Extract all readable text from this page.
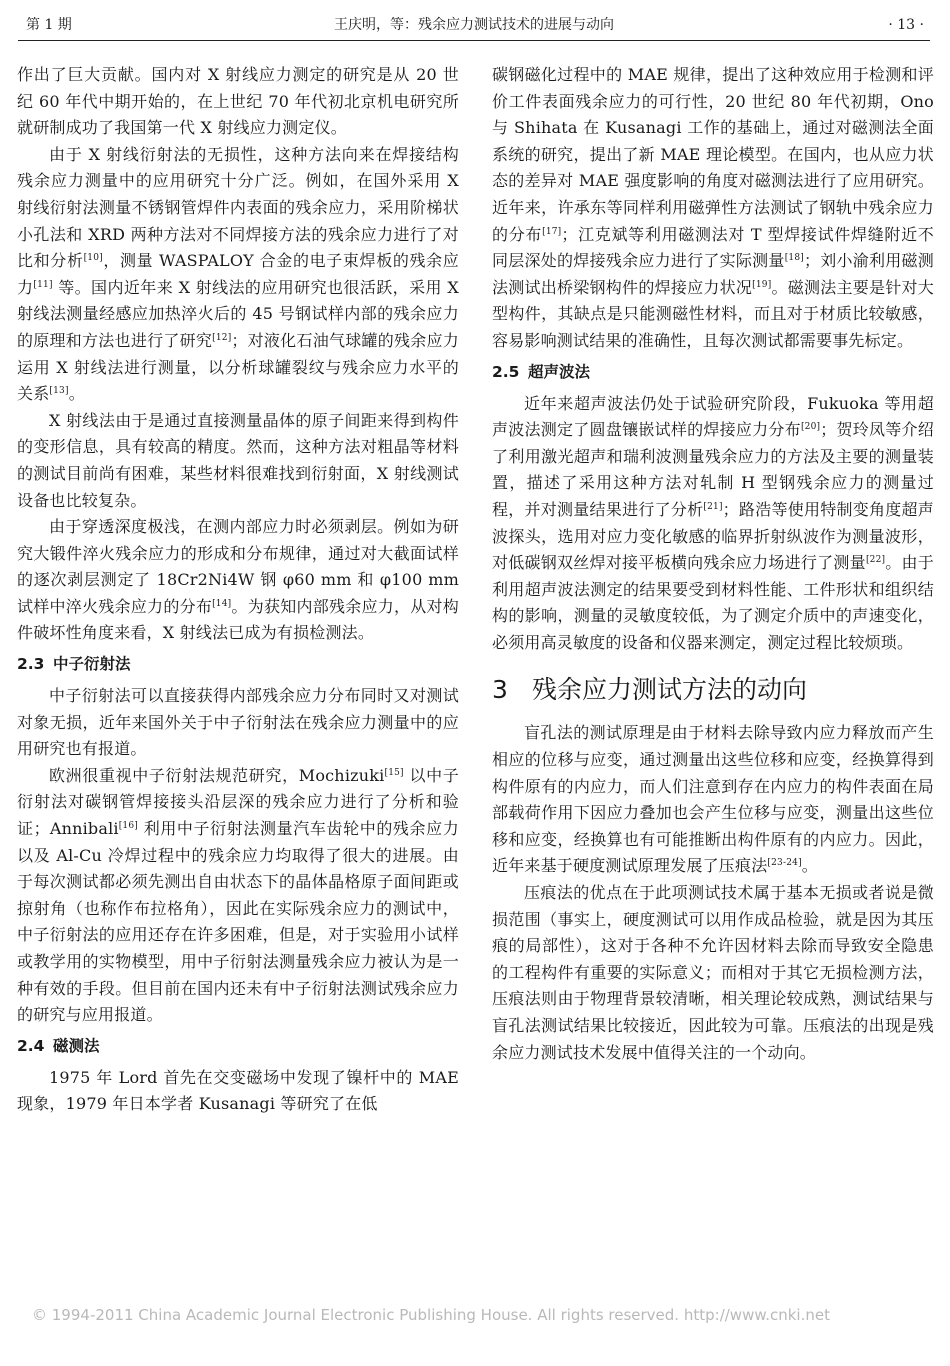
第 1 期	王庆明，等：残余应力测试技术的进展与动向	· 13 ·

作出了巨大贡献。国内对 X 射线应力测定的研究是从 20 世纪 60 年代中期开始的，在上世纪 70 年代初北京机电研究所就研制成功了我国第一代 X 射线应力测定仪。

由于 X 射线衍射法的无损性，这种方法向来在焊接结构残余应力测量中的应用研究十分广泛。例如，在国外采用 X 射线衍射法测量不锈钢管焊件内表面的残余应力，采用阶梯状小孔法和 XRD 两种方法对不同焊接方法的残余应力进行了对比和分析[10]，测量 WASPALOY 合金的电子束焊板的残余应力[11] 等。国内近年来 X 射线法的应用研究也很活跃，采用 X 射线法测量经感应加热淬火后的 45 号钢试样内部的残余应力的原理和方法也进行了研究[12]；对液化石油气球罐的残余应力运用 X 射线法进行测量，以分析球罐裂纹与残余应力水平的关系[13]。

X 射线法由于是通过直接测量晶体的原子间距来得到构件的变形信息，具有较高的精度。然而，这种方法对粗晶等材料的测试目前尚有困难，某些材料很难找到衍射面，X 射线测试设备也比较复杂。

由于穿透深度极浅，在测内部应力时必须剥层。例如为研究大锻件淬火残余应力的形成和分布规律，通过对大截面试样的逐次剥层测定了 18Cr2Ni4W 钢 φ60 mm 和 φ100 mm 试样中淬火残余应力的分布[14]。为获知内部残余应力，从对构件破坏性角度来看，X 射线法已成为有损检测法。

2.3 中子衍射法

中子衍射法可以直接获得内部残余应力分布同时又对测试对象无损，近年来国外关于中子衍射法在残余应力测量中的应用研究也有报道。

欧洲很重视中子衍射法规范研究，Mochizuki[15] 以中子衍射法对碳钢管焊接接头沿层深的残余应力进行了分析和验证；Annibali[16] 利用中子衍射法测量汽车齿轮中的残余应力以及 Al-Cu 冷焊过程中的残余应力均取得了很大的进展。由于每次测试都必须先测出自由状态下的晶体晶格原子面间距或掠射角（也称作布拉格角），因此在实际残余应力的测试中，中子衍射法的应用还存在许多困难，但是，对于实验用小试样或教学用的实物模型，用中子衍射法测量残余应力被认为是一种有效的手段。但目前在国内还未有中子衍射法测试残余应力的研究与应用报道。

2.4 磁测法

1975 年 Lord 首先在交变磁场中发现了镍杆中的 MAE 现象，1979 年日本学者 Kusanagi 等研究了在低

碳钢磁化过程中的 MAE 规律，提出了这种效应用于检测和评价工件表面残余应力的可行性，20 世纪 80 年代初期，Ono 与 Shihata 在 Kusanagi 工作的基础上，通过对磁测法全面系统的研究，提出了新 MAE 理论模型。在国内，也从应力状态的差异对 MAE 强度影响的角度对磁测法进行了应用研究。近年来，许承东等同样利用磁弹性方法测试了钢轨中残余应力的分布[17]；江克斌等利用磁测法对 T 型焊接试件焊缝附近不同层深处的焊接残余应力进行了实际测量[18]；刘小渝利用磁测法测试出桥梁钢构件的焊接应力状况[19]。磁测法主要是针对大型构件，其缺点是只能测磁性材料，而且对于材质比较敏感，容易影响测试结果的准确性，且每次测试都需要事先标定。

2.5 超声波法

近年来超声波法仍处于试验研究阶段，Fukuoka 等用超声波法测定了圆盘镶嵌试样的焊接应力分布[20]；贺玲凤等介绍了利用激光超声和瑞利波测量残余应力的方法及主要的测量装置，描述了采用这种方法对轧制 H 型钢残余应力的测量过程，并对测量结果进行了分析[21]；路浩等使用特制变角度超声波探头，选用对应力变化敏感的临界折射纵波作为测量波形，对低碳钢双丝焊对接平板横向残余应力场进行了测量[22]。由于利用超声波法测定的结果要受到材料性能、工件形状和组织结构的影响，测量的灵敏度较低，为了测定介质中的声速变化，必须用高灵敏度的设备和仪器来测定，测定过程比较烦琐。

3 残余应力测试方法的动向

盲孔法的测试原理是由于材料去除导致内应力释放而产生相应的位移与应变，通过测量出这些位移和应变，经换算得到构件原有的内应力，而人们注意到存在内应力的构件表面在局部载荷作用下因应力叠加也会产生位移与应变，测量出这些位移和应变，经换算也有可能推断出构件原有的内应力。因此，近年来基于硬度测试原理发展了压痕法[23-24]。

压痕法的优点在于此项测试技术属于基本无损或者说是微损范围（事实上，硬度测试可以用作成品检验，就是因为其压痕的局部性），这对于各种不允许因材料去除而导致安全隐患的工程构件有重要的实际意义；而相对于其它无损检测方法，压痕法则由于物理背景较清晰，相关理论较成熟，测试结果与盲孔法测试结果比较接近，因此较为可靠。压痕法的出现是残余应力测试技术发展中值得关注的一个动向。

© 1994-2011 China Academic Journal Electronic Publishing House. All rights reserved. http://www.cnki.net
